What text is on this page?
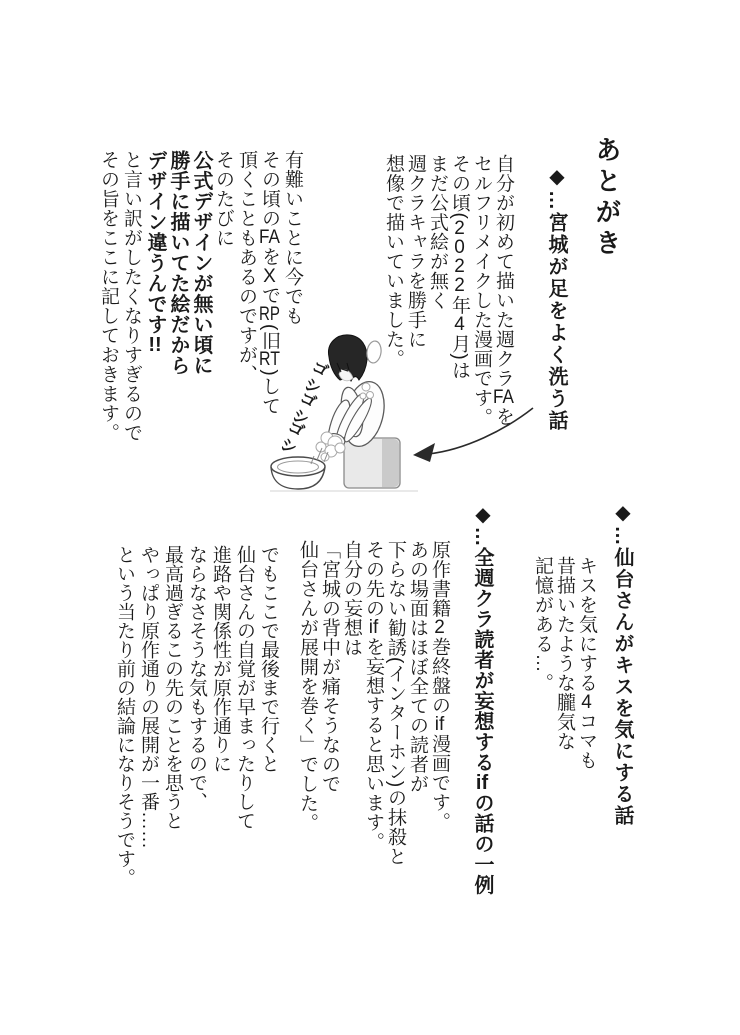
あとがき
◆…宮城が足をよく洗う話
自分が初めて描いた週クラFAを
セルフリメイクした漫画です。
その頃(2022年4月)は
まだ公式絵が無く
週クラキャラを勝手に
想像で描いていました。
有難いことに今でも
その頃のFAをXでRP(旧RT)して
頂くこともあるのですが、
そのたびに
公式デザインが無い頃に
勝手に描いてた絵だから
デザイン違うんです!!
と言い訳がしたくなりすぎるので
その旨をここに記しておきます。	ゴシ
ゴシ
ゴシ
◆…仙台さんがキスを気にする話
キスを気にする4コマも
昔描いたような朧気な
記憶がある…。
◆…全週クラ読者が妄想するifの話の一例
原作書籍2巻終盤のif漫画です。
あの場面はほぼ全ての読者が
下らない勧誘(インターホン)の抹殺と
その先のifを妄想すると思います。
自分の妄想は
「宮城の背中が痛そうなので
仙台さんが展開を巻く」でした。
でもここで最後まで行くと
仙台さんの自覚が早まったりして
進路や関係性が原作通りに
ならなさそうな気もするので、
最高過ぎるこの先のことを思うと
やっぱり原作通りの展開が一番……
という当たり前の結論になりそうです。
